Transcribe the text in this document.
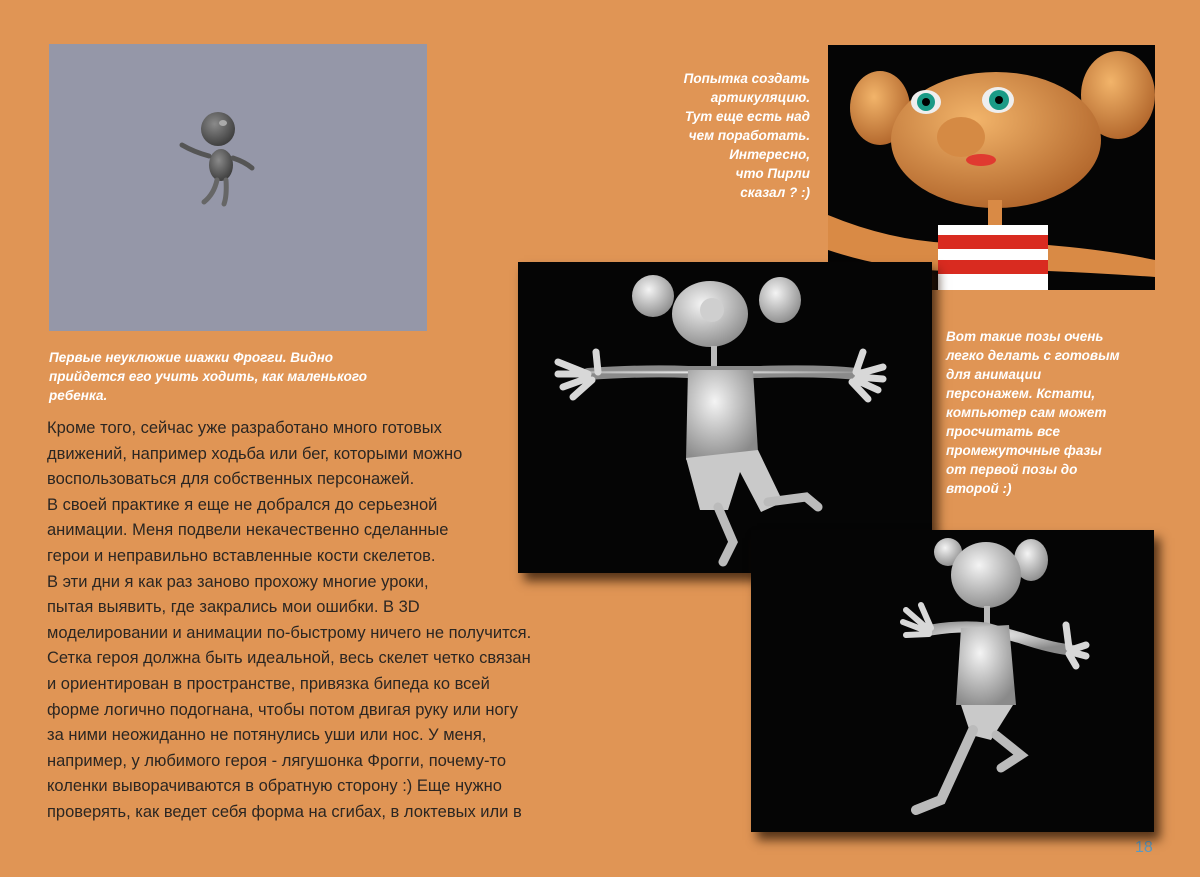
Первые неуклюжие шажки Фрогги. Видно
прийдется его учить ходить, как маленького
ребенка.
Попытка создать
артикуляцию.
Тут еще есть над
чем поработать.
Интересно,
что Пирли
сказал ? :)
Вот такие позы очень
легко делать с готовым
для анимации
персонажем. Кстати,
компьютер сам может
просчитать все
промежуточные фазы
от первой позы до
второй :)

Кроме того, сейчас уже разработано много готовых

движений, например ходьба или бег, которыми можно

воспользоваться для собственных персонажей.

В своей практике я еще не добрался до серьезной

анимации. Меня подвели некачественно сделанные

герои и неправильно вставленные кости скелетов.

В эти дни я как раз заново прохожу многие уроки,

пытая выявить, где закрались мои ошибки. В 3D

моделировании и анимации по-быстрому ничего не получится.

Сетка героя должна быть идеальной, весь скелет четко связан

и ориентирован в пространстве, привязка бипеда ко всей

форме логично подогнана, чтобы потом двигая руку или ногу

за ними неожиданно не потянулись уши или нос. У меня,

например, у любимого героя - лягушонка Фрогги, почему-то

коленки выворачиваются в обратную сторону :) Еще нужно

проверять, как ведет себя форма на сгибах, в локтевых или в

18
